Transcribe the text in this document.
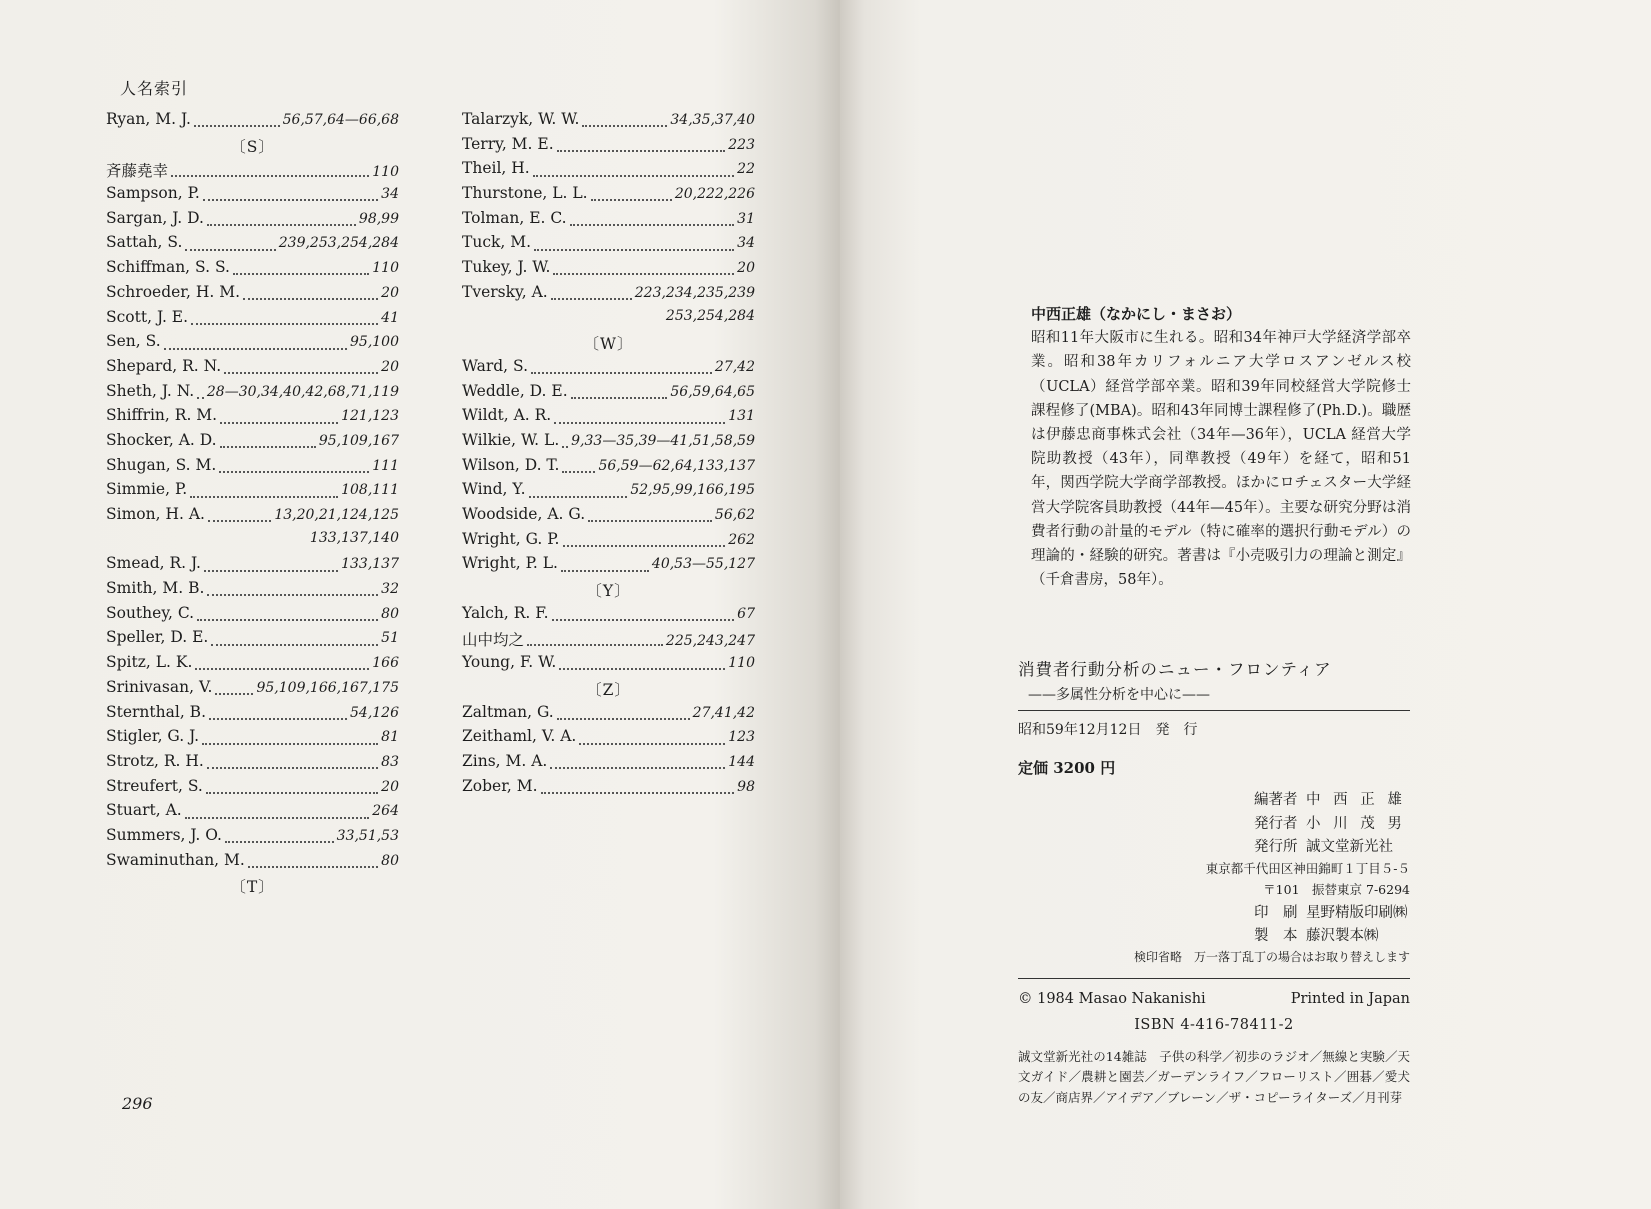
人名索引
Ryan, M. J.	56,57,64—66,68
〔S〕
斉藤堯幸	110
Sampson, P.	34
Sargan, J. D.	98,99
Sattah, S.	239,253,254,284
Schiffman, S. S.	110
Schroeder, H. M.	20
Scott, J. E.	41
Sen, S.	95,100
Shepard, R. N.	20
Sheth, J. N. 28—30,34,40,42,68,71,119
Shiffrin, R. M.	121,123
Shocker, A. D.	95,109,167
Shugan, S. M.	111
Simmie, P.	108,111
Simon, H. A.	13,20,21,124,125
133,137,140
Smead, R. J.	133,137
Smith, M. B.	32
Southey, C.	80
Speller, D. E.	51
Spitz, L. K.	166
Srinivasan, V.	95,109,166,167,175
Sternthal, B.	54,126
Stigler, G. J.	81
Strotz, R. H.	83
Streufert, S.	20
Stuart, A.	264
Summers, J. O.	33,51,53
Swaminuthan, M.	80
〔T〕
Talarzyk, W. W.	34,35,37,40
Terry, M. E.	223
Theil, H.	22
Thurstone, L. L.	20,222,226
Tolman, E. C.	31
Tuck, M.	34
Tukey, J. W.	20
Tversky, A.	223,234,235,239
253,254,284
〔W〕
Ward, S.	27,42
Weddle, D. E.	56,59,64,65
Wildt, A. R.	131
Wilkie, W. L. 9,33—35,39—41,51,58,59
Wilson, D. T.	56,59—62,64,133,137
Wind, Y.	52,95,99,166,195
Woodside, A. G.	56,62
Wright, G. P.	262
Wright, P. L.	40,53—55,127
〔Y〕
Yalch, R. F.	67
山中均之	225,243,247
Young, F. W.	110
〔Z〕
Zaltman, G.	27,41,42
Zeithaml, V. A.	123
Zins, M. A.	144
Zober, M.	98
296
中西正雄（なかにし・まさお）

昭和11年大阪市に生れる。昭和34年神戸大学経済学部卒業。昭和38年カリフォルニア大学ロスアンゼルス校（UCLA）経営学部卒業。昭和39年同校経営大学院修士課程修了(MBA)。昭和43年同博士課程修了(Ph.D.)。職歴は伊藤忠商事株式会社（34年—36年），UCLA 経営大学院助教授（43年），同準教授（49年）を経て，昭和51年，関西学院大学商学部教授。ほかにロチェスター大学経営大学院客員助教授（44年—45年）。主要な研究分野は消費者行動の計量的モデル（特に確率的選択行動モデル）の理論的・経験的研究。著書は『小売吸引力の理論と測定』（千倉書房，58年）。

消費者行動分析のニュー・フロンティア
——多属性分析を中心に——
昭和59年12月12日　発　行
定価 3200 円
編著者 中 西 正 雄
発行者 小 川 茂 男
発行所 誠文堂新光社
東京都千代田区神田錦町１丁目５-５
〒101　振替東京 7-6294
印　刷 星野精版印刷㈱
製　本 藤沢製本㈱
検印省略　万一落丁乱丁の場合はお取り替えします
© 1984 Masao Nakanishi	Printed in Japan
ISBN 4-416-78411-2
誠文堂新光社の14雑誌　子供の科学／初歩のラジオ／無線と実験／天文ガイド／農耕と園芸／ガーデンライフ／フローリスト／囲碁／愛犬の友／商店界／アイデア／ブレーン／ザ・コピーライターズ／月刊芽
